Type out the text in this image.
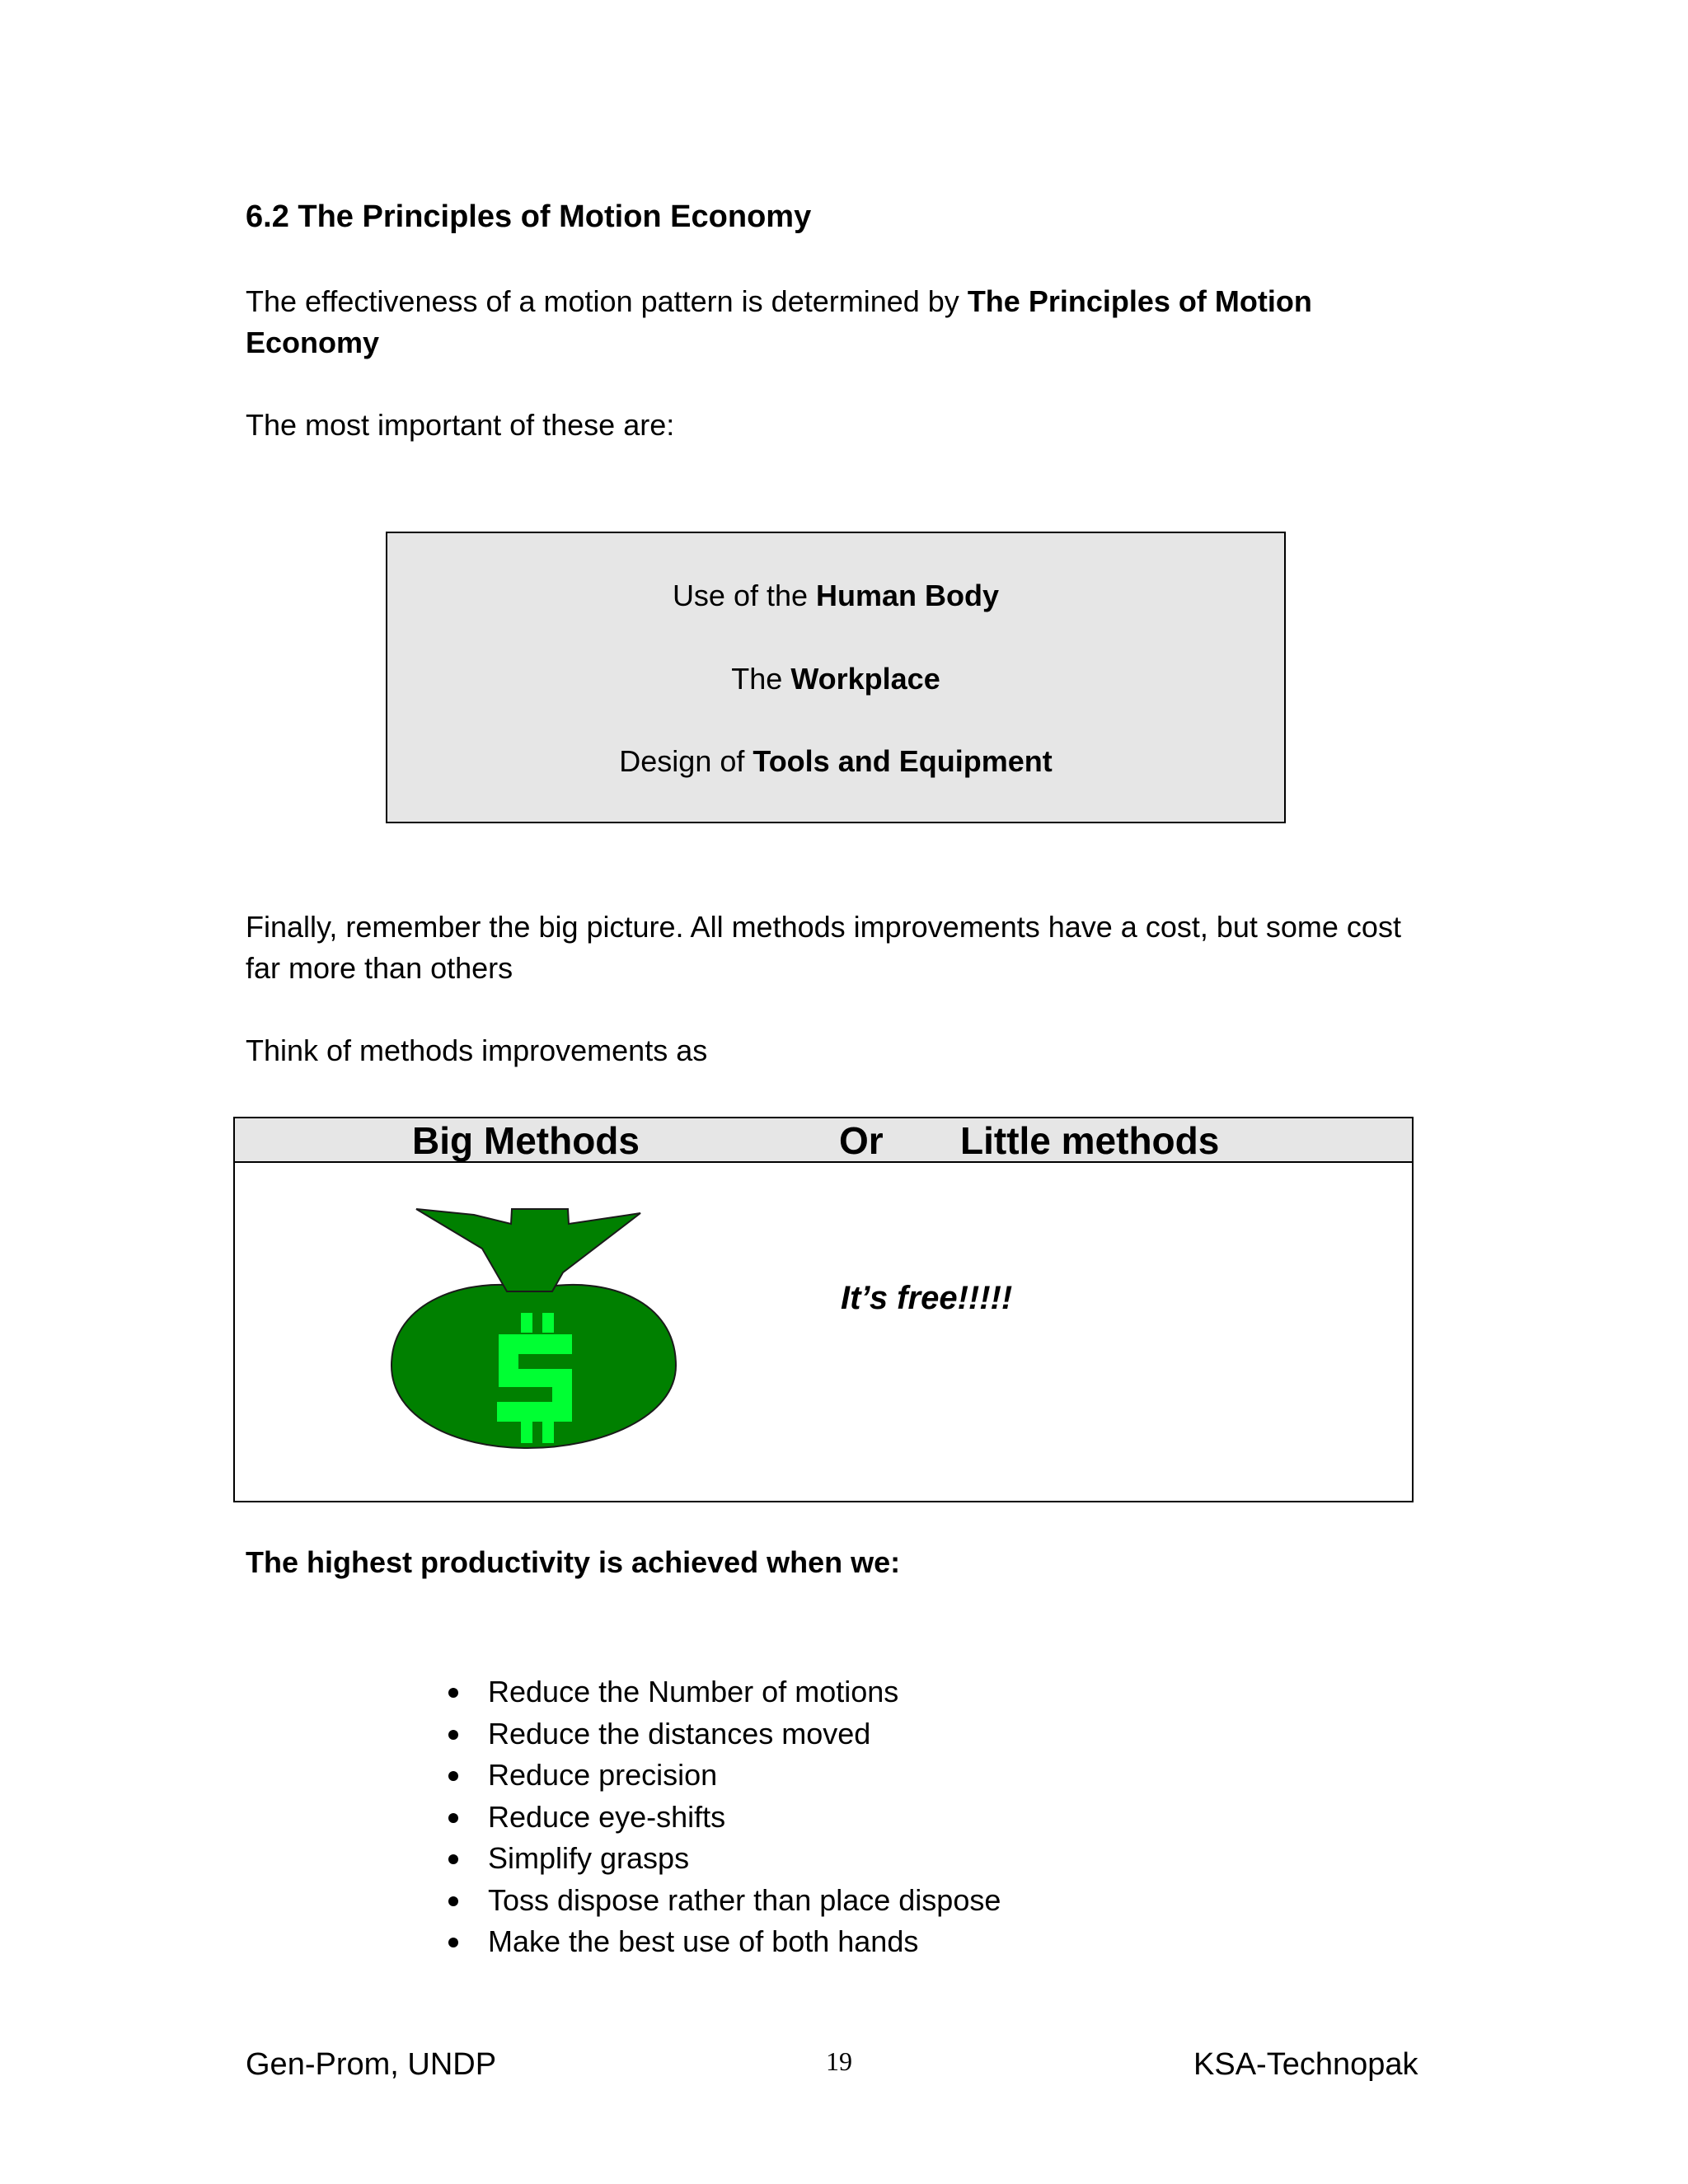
6.2 The Principles of Motion Economy

The effectiveness of a motion pattern is determined by The Principles of Motion
Economy

The most important of these are:

Use of the Human Body
The Workplace
Design of Tools and Equipment

Finally, remember the big picture. All methods improvements have a cost, but some cost
far more than others

Think of methods improvements as

Big Methods	Or Little methods
It’s free!!!!!

The highest productivity is achieved when we:

Reduce the Number of motions
Reduce the distances moved
Reduce precision
Reduce eye-shifts
Simplify grasps
Toss dispose rather than place dispose
Make the best use of both hands
Gen-Prom, UNDP	19	KSA-Technopak
